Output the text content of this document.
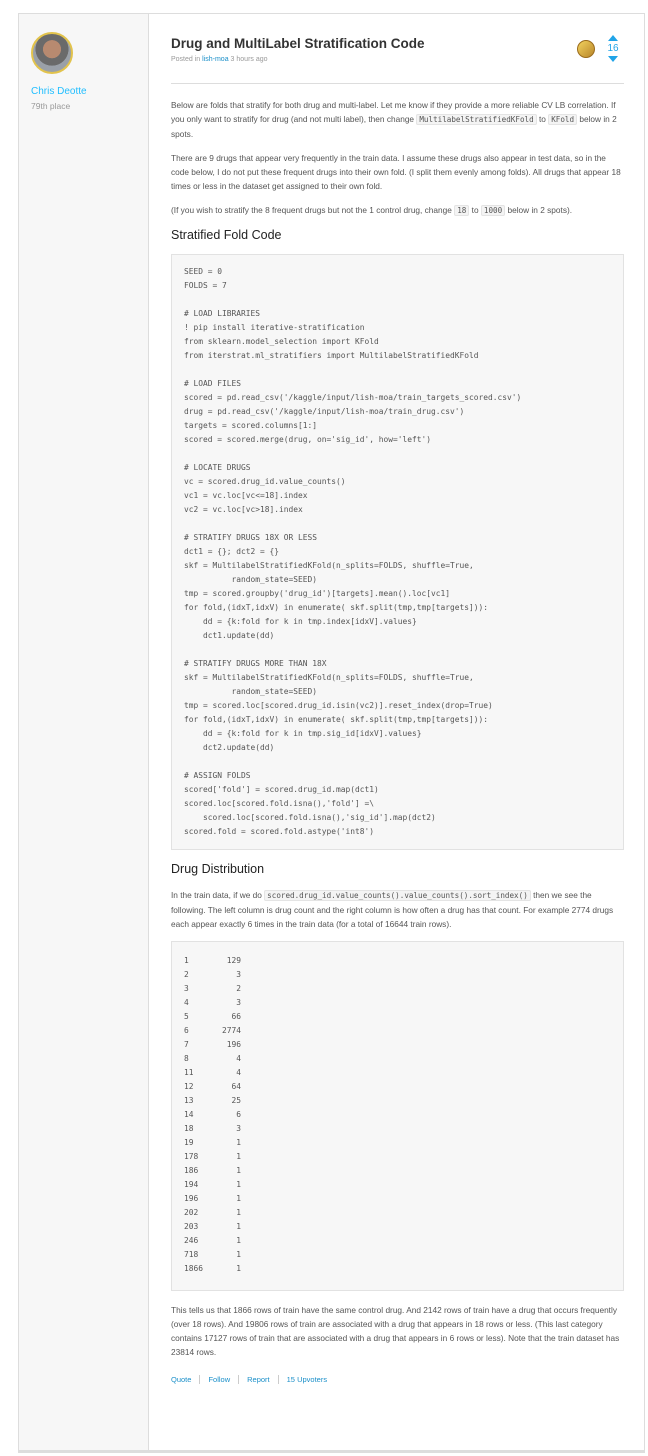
Chris Deotte
79th place
Drug and MultiLabel Stratification Code
Posted in lish-moa 3 hours ago
16

Below are folds that stratify for both drug and multi-label. Let me know if they provide a more reliable CV LB correlation. If you only want to stratify for drug (and not multi label), then change MultilabelStratifiedKFold to KFold below in 2 spots.

There are 9 drugs that appear very frequently in the train data. I assume these drugs also appear in test data, so in the code below, I do not put these frequent drugs into their own fold. (I split them evenly among folds). All drugs that appear 18 times or less in the dataset get assigned to their own fold.

(If you wish to stratify the 8 frequent drugs but not the 1 control drug, change 18 to 1000 below in 2 spots).

Stratified Fold Code
SEED = 0
FOLDS = 7

# LOAD LIBRARIES
! pip install iterative-stratification
from sklearn.model_selection import KFold
from iterstrat.ml_stratifiers import MultilabelStratifiedKFold

# LOAD FILES
scored = pd.read_csv('/kaggle/input/lish-moa/train_targets_scored.csv')
drug = pd.read_csv('/kaggle/input/lish-moa/train_drug.csv')
targets = scored.columns[1:]
scored = scored.merge(drug, on='sig_id', how='left')

# LOCATE DRUGS
vc = scored.drug_id.value_counts()
vc1 = vc.loc[vc<=18].index
vc2 = vc.loc[vc>18].index

# STRATIFY DRUGS 18X OR LESS
dct1 = {}; dct2 = {}
skf = MultilabelStratifiedKFold(n_splits=FOLDS, shuffle=True,
random_state=SEED)
tmp = scored.groupby('drug_id')[targets].mean().loc[vc1]
for fold,(idxT,idxV) in enumerate( skf.split(tmp,tmp[targets])):
dd = {k:fold for k in tmp.index[idxV].values}
dct1.update(dd)

# STRATIFY DRUGS MORE THAN 18X
skf = MultilabelStratifiedKFold(n_splits=FOLDS, shuffle=True,
random_state=SEED)
tmp = scored.loc[scored.drug_id.isin(vc2)].reset_index(drop=True)
for fold,(idxT,idxV) in enumerate( skf.split(tmp,tmp[targets])):
dd = {k:fold for k in tmp.sig_id[idxV].values}
dct2.update(dd)

# ASSIGN FOLDS
scored['fold'] = scored.drug_id.map(dct1)
scored.loc[scored.fold.isna(),'fold'] =\
scored.loc[scored.fold.isna(),'sig_id'].map(dct2)
scored.fold = scored.fold.astype('int8')
Drug Distribution

In the train data, if we do scored.drug_id.value_counts().value_counts().sort_index() then we see the following. The left column is drug count and the right column is how often a drug has that count. For example 2774 drugs each appear exactly 6 times in the train data (for a total of 16644 train rows).

1        129
2          3
3          2
4          3
5         66
6       2774
7        196
8          4
11         4
12        64
13        25
14         6
18         3
19         1
178        1
186        1
194        1
196        1
202        1
203        1
246        1
718        1
1866       1

This tells us that 1866 rows of train have the same control drug. And 2142 rows of train have a drug that occurs frequently (over 18 rows). And 19806 rows of train are associated with a drug that appears in 18 rows or less. (This last category contains 17127 rows of train that are associated with a drug that appears in 6 rows or less). Note that the train dataset has 23814 rows.

Quote	Follow	Report	15 Upvoters
